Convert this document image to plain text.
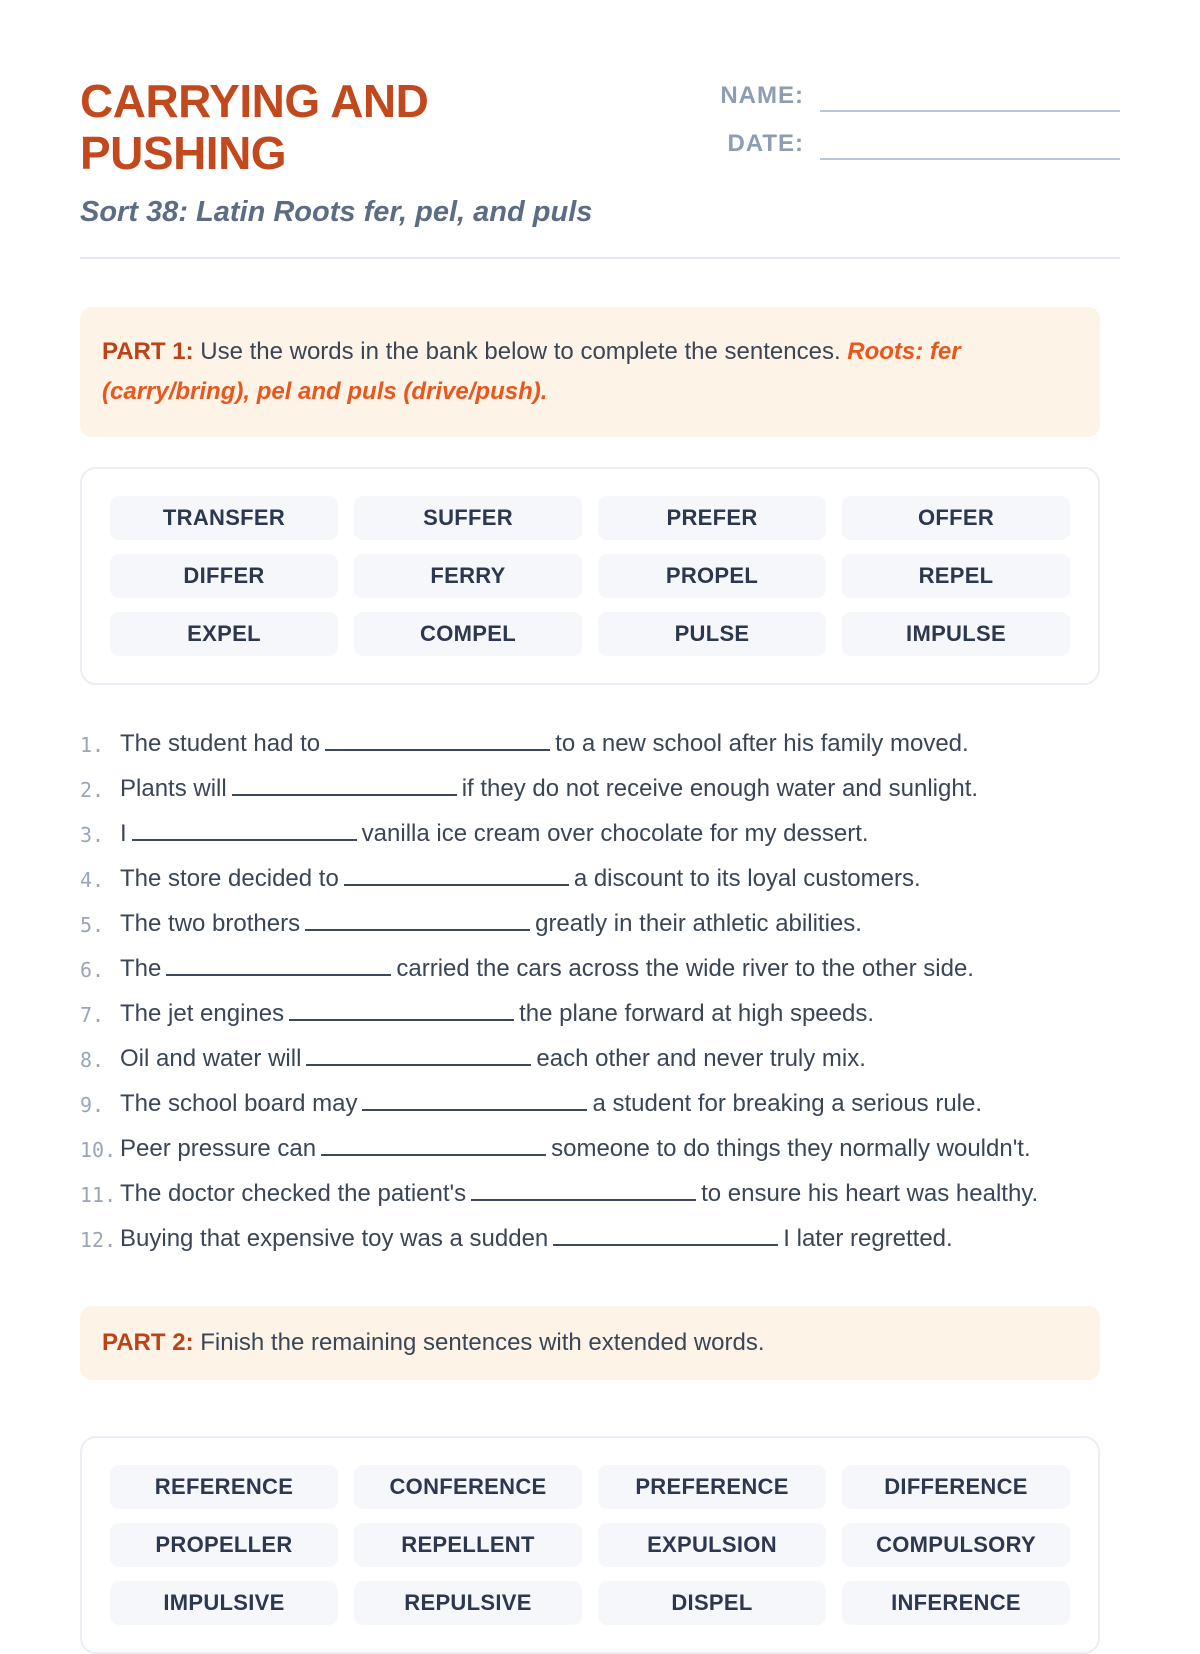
CARRYING AND PUSHING
NAME:
DATE:
Sort 38: Latin Roots fer, pel, and puls
PART 1: Use the words in the bank below to complete the sentences. Roots: fer (carry/bring), pel and puls (drive/push).
TRANSFER	SUFFER	PREFER	OFFER
DIFFER	FERRY	PROPEL	REPEL
EXPEL	COMPEL	PULSE	IMPULSE
1. The student had to	to a new school after his family moved.
2. Plants will	if they do not receive enough water and sunlight.
3. I	vanilla ice cream over chocolate for my dessert.
4. The store decided to	a discount to its loyal customers.
5. The two brothers	greatly in their athletic abilities.
6. The	carried the cars across the wide river to the other side.
7. The jet engines	the plane forward at high speeds.
8. Oil and water will	each other and never truly mix.
9. The school board may	a student for breaking a serious rule.
10. Peer pressure can	someone to do things they normally wouldn't.
11. The doctor checked the patient's	to ensure his heart was healthy.
12. Buying that expensive toy was a sudden	I later regretted.
PART 2: Finish the remaining sentences with extended words.
REFERENCE	CONFERENCE	PREFERENCE	DIFFERENCE
PROPELLER	REPELLENT	EXPULSION	COMPULSORY
IMPULSIVE	REPULSIVE	DISPEL	INFERENCE
